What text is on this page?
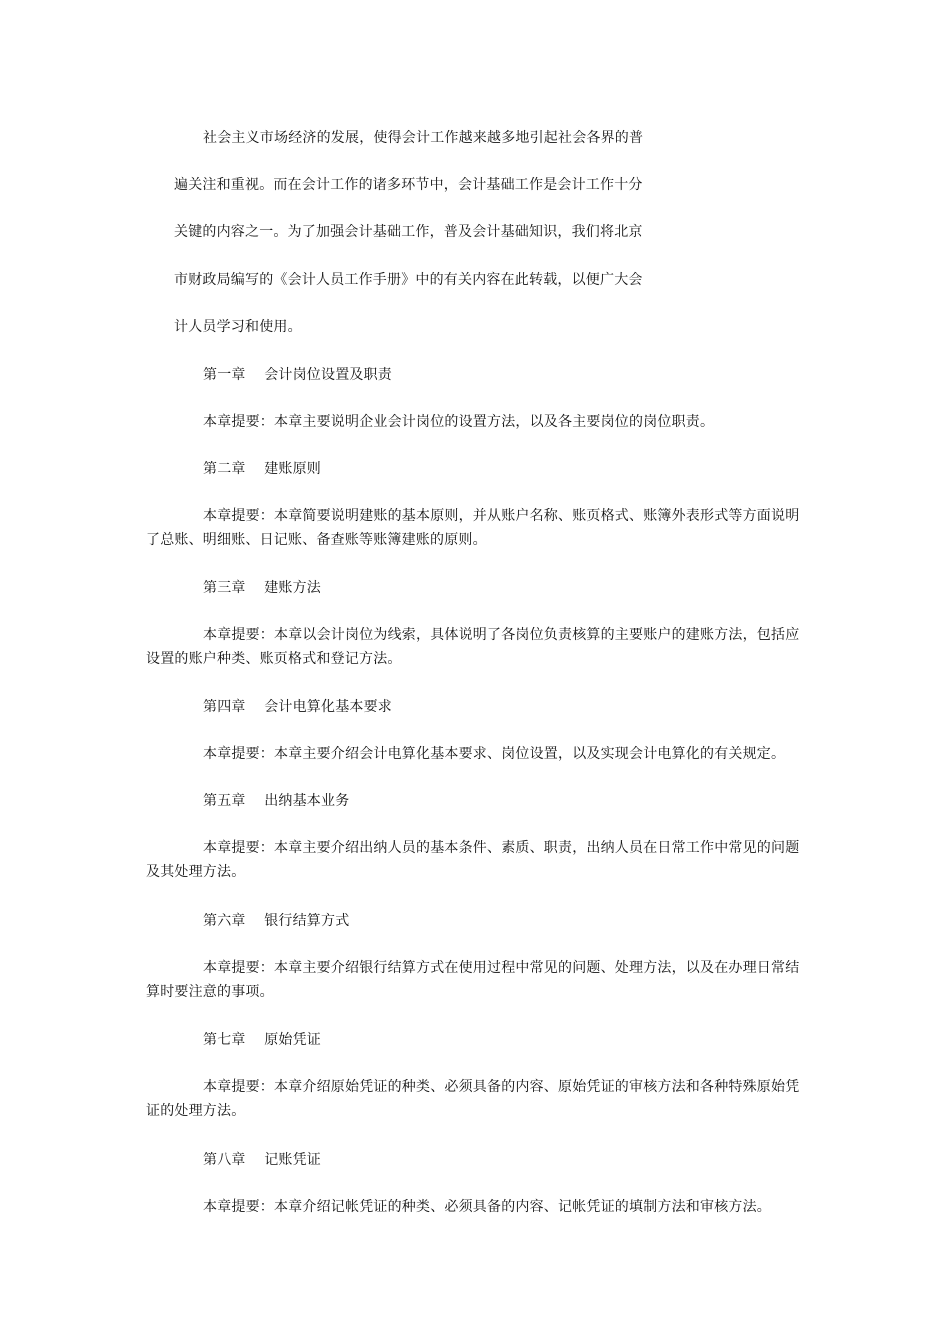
社会主义市场经济的发展，使得会计工作越来越多地引起社会各界的普
遍关注和重视。而在会计工作的诸多环节中，会计基础工作是会计工作十分
关键的内容之一。为了加强会计基础工作，普及会计基础知识，我们将北京
市财政局编写的《会计人员工作手册》中的有关内容在此转载，以便广大会
计人员学习和使用。
第一章    会计岗位设置及职责

本章提要：本章主要说明企业会计岗位的设置方法，以及各主要岗位的岗位职责。

第二章    建账原则

本章提要：本章简要说明建账的基本原则，并从账户名称、账页格式、账簿外表形式等方面说明了总账、明细账、日记账、备查账等账簿建账的原则。

第三章    建账方法

本章提要：本章以会计岗位为线索，具体说明了各岗位负责核算的主要账户的建账方法，包括应设置的账户种类、账页格式和登记方法。

第四章    会计电算化基本要求

本章提要：本章主要介绍会计电算化基本要求、岗位设置，以及实现会计电算化的有关规定。

第五章    出纳基本业务

本章提要：本章主要介绍出纳人员的基本条件、素质、职责，出纳人员在日常工作中常见的问题及其处理方法。

第六章    银行结算方式

本章提要：本章主要介绍银行结算方式在使用过程中常见的问题、处理方法，以及在办理日常结算时要注意的事项。

第七章    原始凭证

本章提要：本章介绍原始凭证的种类、必须具备的内容、原始凭证的审核方法和各种特殊原始凭证的处理方法。

第八章    记账凭证

本章提要：本章介绍记帐凭证的种类、必须具备的内容、记帐凭证的填制方法和审核方法。
